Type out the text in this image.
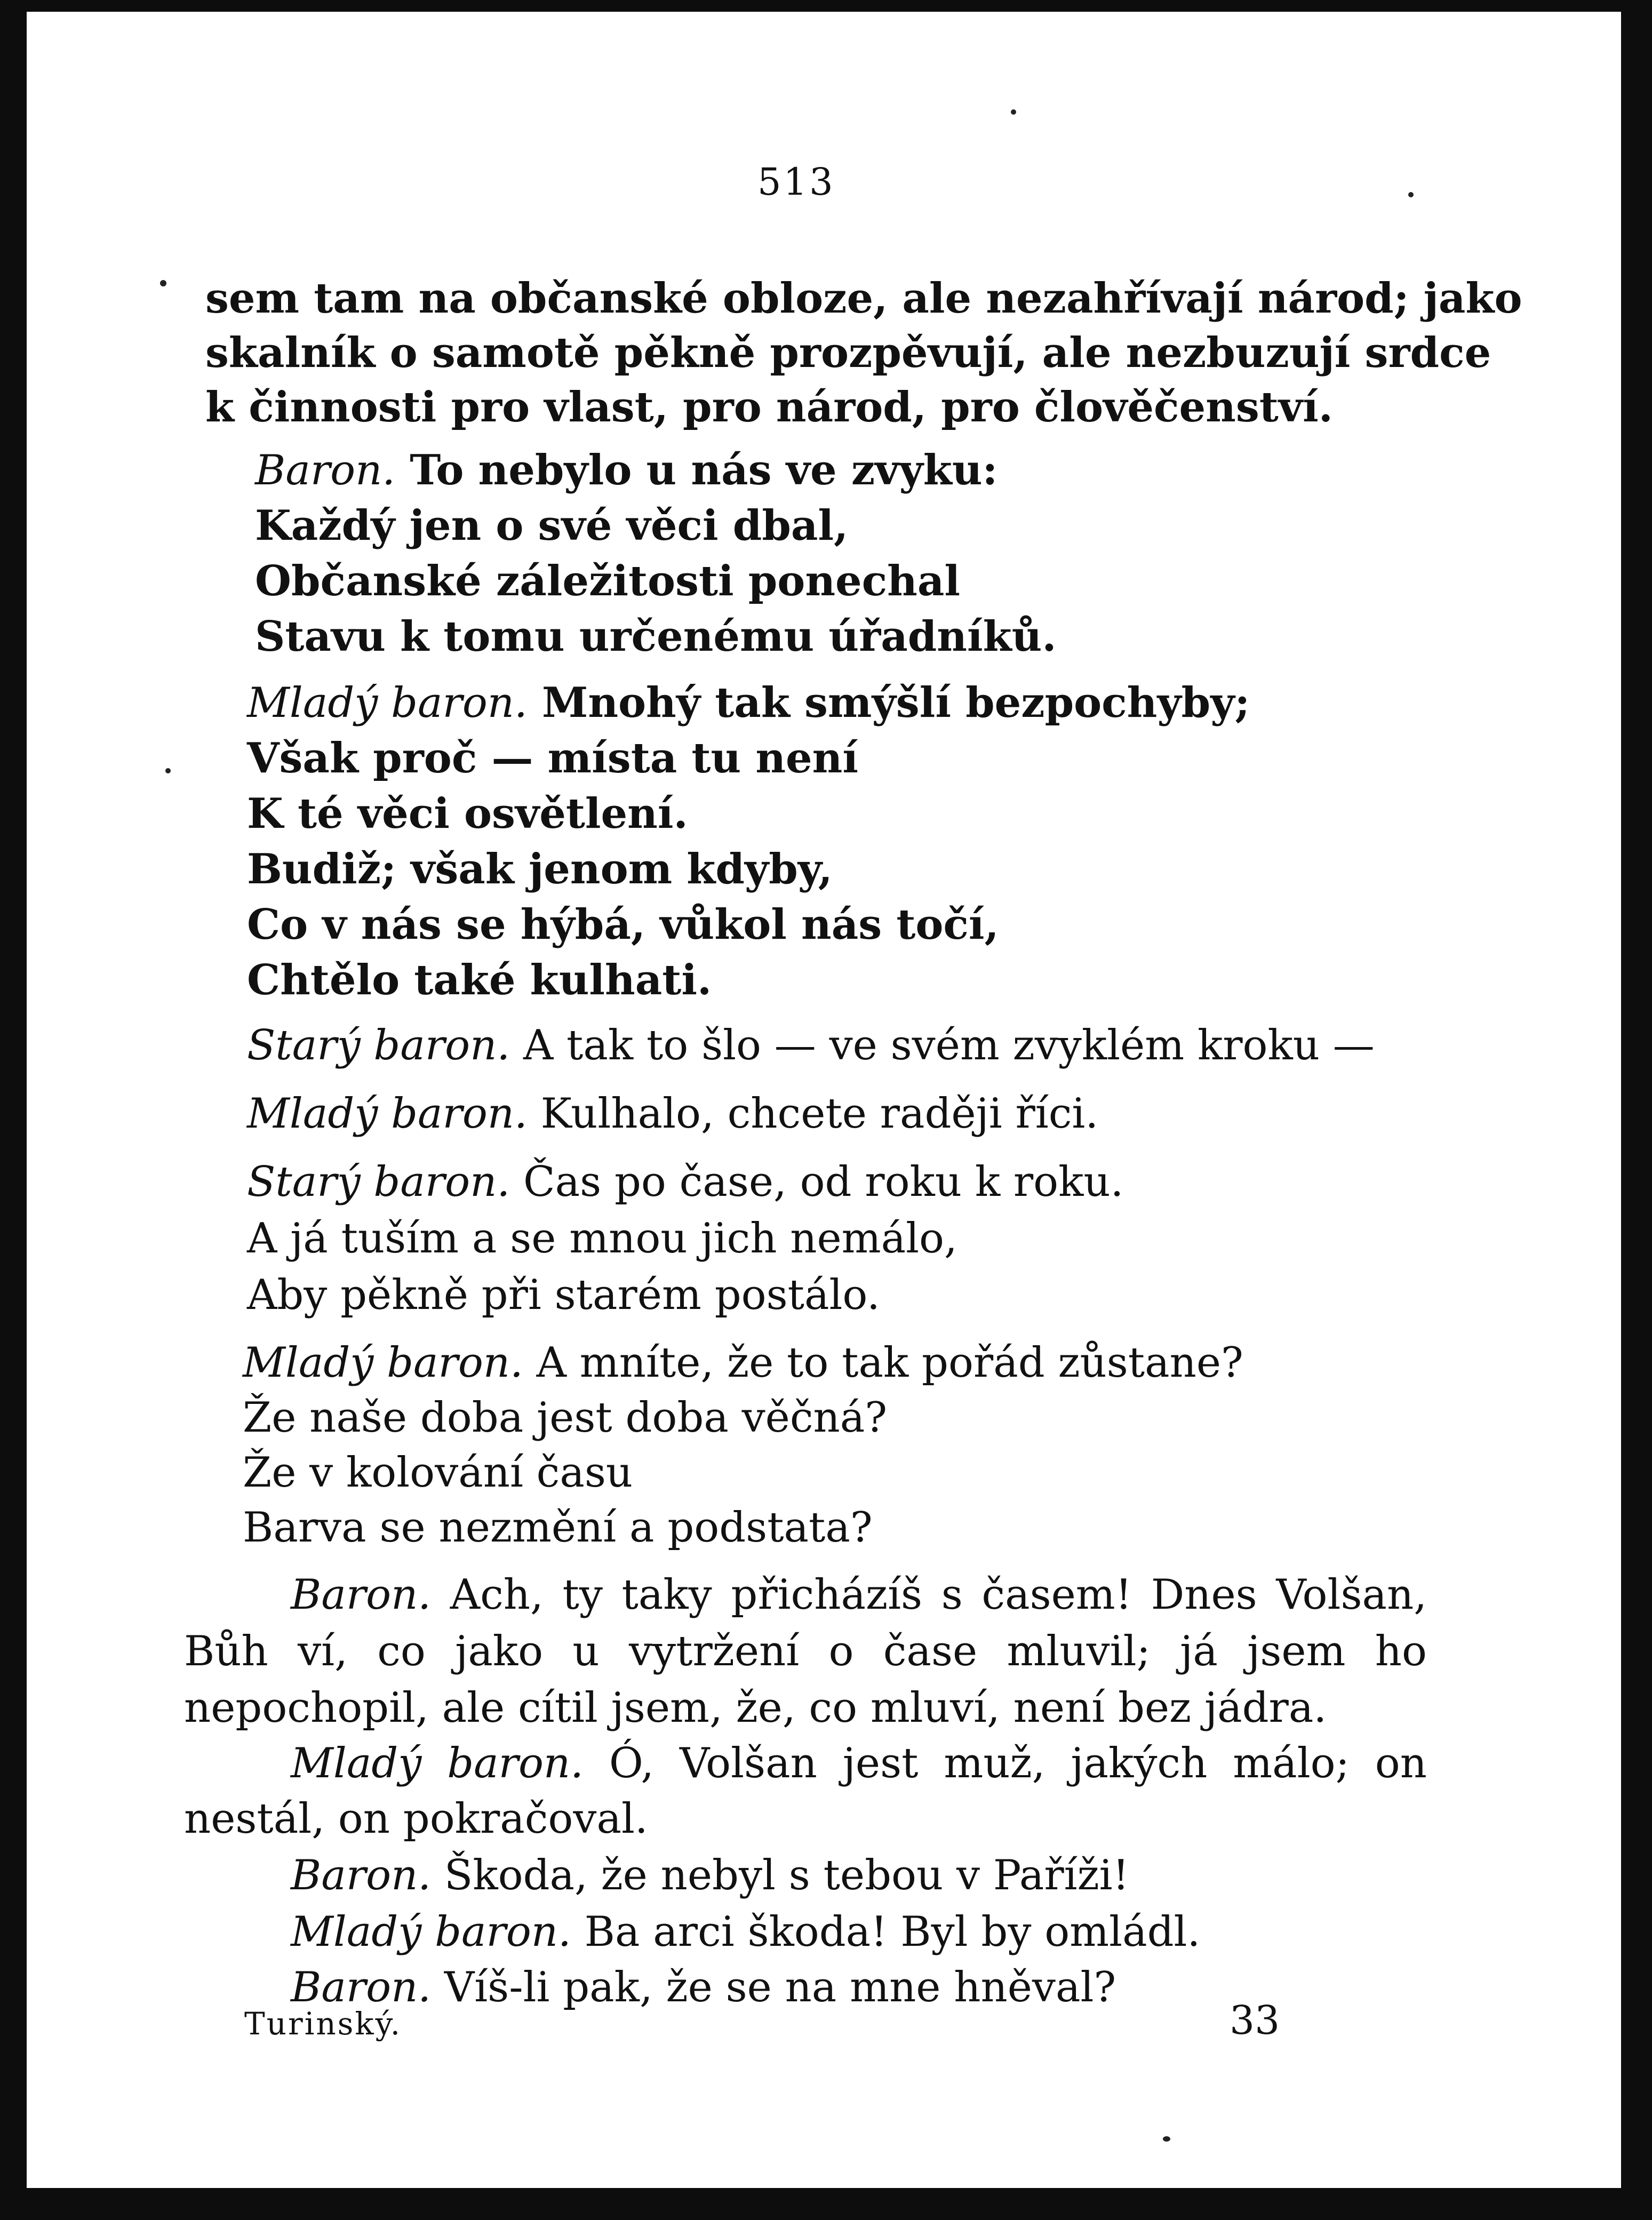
513
sem tam na občanské obloze, ale nezahřívají národ; jako
skalník o samotě pěkně prozpěvují, ale nezbuzují srdce
k činnosti pro vlast, pro národ, pro člověčenství.
Baron. To nebylo u nás ve zvyku:
Každý jen o své věci dbal,
Občanské záležitosti ponechal
Stavu k tomu určenému úřadníků.
Mladý baron. Mnohý tak smýšlí bezpochyby;
Však proč — místa tu není
K té věci osvětlení.
Budiž; však jenom kdyby,
Co v nás se hýbá, vůkol nás točí,
Chtělo také kulhati.
Starý baron. A tak to šlo — ve svém zvyklém kroku —
Mladý baron. Kulhalo, chcete raději říci.
Starý baron. Čas po čase, od roku k roku.
A já tuším a se mnou jich nemálo,
Aby pěkně při starém postálo.
Mladý baron. A mníte, že to tak pořád zůstane?
Že naše doba jest doba věčná?
Že v kolování času
Barva se nezmění a podstata?
Baron. Ach, ty taky přicházíš s časem! Dnes Volšan,
Bůh ví, co jako u vytržení o čase mluvil; já jsem ho
nepochopil, ale cítil jsem, že, co mluví, není bez jádra.
Mladý baron. Ó, Volšan jest muž, jakých málo; on
nestál, on pokračoval.
Baron. Škoda, že nebyl s tebou v Paříži!
Mladý baron. Ba arci škoda! Byl by omládl.
Baron. Víš-li pak, že se na mne hněval?
Turinský.	33
